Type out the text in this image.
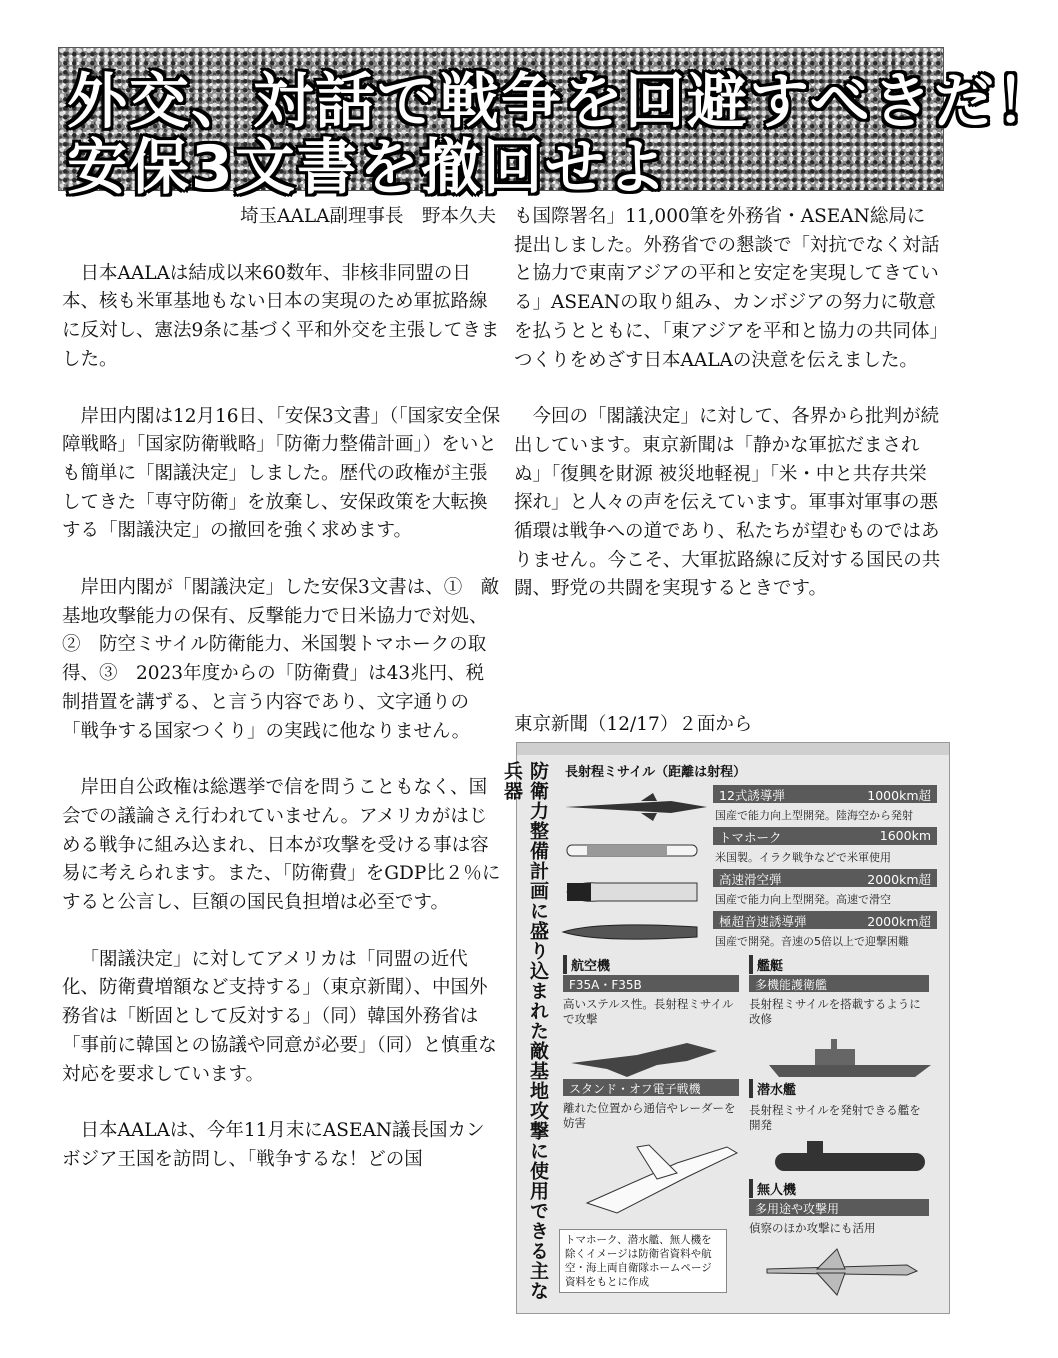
外交、対話で戦争を回避すべきだ！
安保3文書を撤回せよ

埼玉AALA副理事長　野本久夫

日本AALAは結成以来60数年、非核非同盟の日本、核も米軍基地もない日本の実現のため軍拡路線に反対し、憲法9条に基づく平和外交を主張してきました。

岸田内閣は12月16日、「安保3文書」（「国家安全保障戦略」「国家防衛戦略」「防衛力整備計画」）をいとも簡単に「閣議決定」しました。歴代の政権が主張してきた「専守防衛」を放棄し、安保政策を大転換する「閣議決定」の撤回を強く求めます。

岸田内閣が「閣議決定」した安保3文書は、①　敵基地攻撃能力の保有、反撃能力で日米協力で対処、②　防空ミサイル防衛能力、米国製トマホークの取得、③　2023年度からの「防衛費」は43兆円、税制措置を講ずる、と言う内容であり、文字通りの「戦争する国家つくり」の実践に他なりません。

岸田自公政権は総選挙で信を問うこともなく、国会での議論さえ行われていません。アメリカがはじめる戦争に組み込まれ、日本が攻撃を受ける事は容易に考えられます。また、「防衛費」をGDP比２％にすると公言し、巨額の国民負担増は必至です。

「閣議決定」に対してアメリカは「同盟の近代化、防衛費増額など支持する」（東京新聞）、中国外務省は「断固として反対する」（同）韓国外務省は「事前に韓国との協議や同意が必要」（同）と慎重な対応を要求しています。

日本AALAは、今年11月末にASEAN議長国カンボジア王国を訪問し、「戦争するな！どの国

も国際署名」11,000筆を外務省・ASEAN総局に提出しました。外務省での懇談で「対抗でなく対話と協力で東南アジアの平和と安定を実現してきている」ASEANの取り組み、カンボジアの努力に敬意を払うとともに、「東アジアを平和と協力の共同体」つくりをめざす日本AALAの決意を伝えました。

今回の「閣議決定」に対して、各界から批判が続出しています。東京新聞は「静かな軍拡だまされぬ」「復興を財源 被災地軽視」「米・中と共存共栄探れ」と人々の声を伝えています。軍事対軍事の悪循環は戦争への道であり、私たちが望むものではありません。今こそ、大軍拡路線に反対する国民の共闘、野党の共闘を実現するときです。

東京新聞（12/17）２面から
防衛力整備計画に盛り込まれた敵基地攻撃に使用できる主な兵器	長射程ミサイル（距離は射程）
12式誘導弾	1000km超
国産で能力向上型開発。陸海空から発射
トマホーク	1600km
米国製。イラク戦争などで米軍使用
高速滑空弾	2000km超
国産で能力向上型開発。高速で滑空
極超音速誘導弾	2000km超
国産で開発。音速の5倍以上で迎撃困難
航空機
F35A・F35B
高いステルス性。長射程ミサイルで攻撃
艦艇
多機能護衛艦
長射程ミサイルを搭載するように改修
スタンド・オフ電子戦機
離れた位置から通信やレーダーを妨害
潜水艦
長射程ミサイルを発射できる艦を開発
無人機
多用途や攻撃用
偵察のほか攻撃にも活用
トマホーク、潜水艦、無人機を除くイメージは防衛省資料や航空・海上両自衛隊ホームページ資料をもとに作成
